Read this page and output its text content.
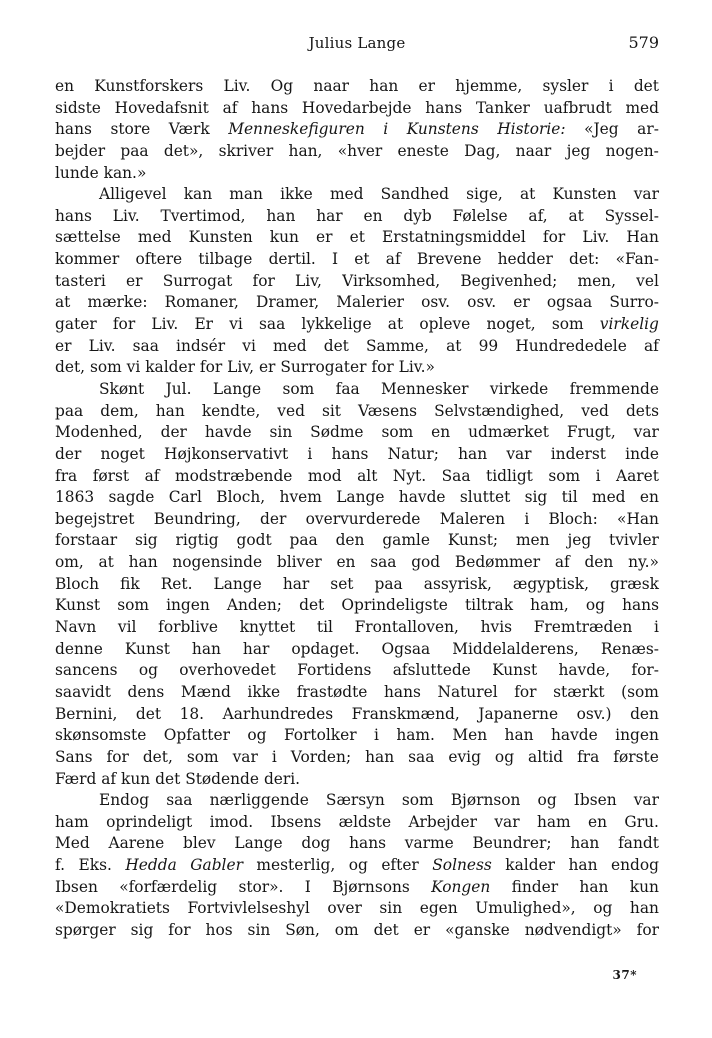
Julius Lange	579
en Kunstforskers Liv. Og naar han er hjemme, sysler i det
sidste Hovedafsnit af hans Hovedarbejde hans Tanker uafbrudt med
hans store Værk Menneskefiguren i Kunstens Historie: «Jeg ar-
bejder paa det», skriver han, «hver eneste Dag, naar jeg nogen-
lunde kan.»
Alligevel kan man ikke med Sandhed sige, at Kunsten var
hans Liv. Tvertimod, han har en dyb Følelse af, at Syssel-
sættelse med Kunsten kun er et Erstatningsmiddel for Liv. Han
kommer oftere tilbage dertil. I et af Brevene hedder det: «Fan-
tasteri er Surrogat for Liv, Virksomhed, Begivenhed; men, vel
at mærke: Romaner, Dramer, Malerier osv. osv. er ogsaa Surro-
gater for Liv. Er vi saa lykkelige at opleve noget, som virkelig
er Liv. saa indsér vi med det Samme, at 99 Hundrededele af
det, som vi kalder for Liv, er Surrogater for Liv.»
Skønt Jul. Lange som faa Mennesker virkede fremmende
paa dem, han kendte, ved sit Væsens Selvstændighed, ved dets
Modenhed, der havde sin Sødme som en udmærket Frugt, var
der noget Højkonservativt i hans Natur; han var inderst inde
fra først af modstræbende mod alt Nyt. Saa tidligt som i Aaret
1863 sagde Carl Bloch, hvem Lange havde sluttet sig til med en
begejstret Beundring, der overvurderede Maleren i Bloch: «Han
forstaar sig rigtig godt paa den gamle Kunst; men jeg tvivler
om, at han nogensinde bliver en saa god Bedømmer af den ny.»
Bloch fik Ret. Lange har set paa assyrisk, ægyptisk, græsk
Kunst som ingen Anden; det Oprindeligste tiltrak ham, og hans
Navn vil forblive knyttet til Frontalloven, hvis Fremtræden i
denne Kunst han har opdaget. Ogsaa Middelalderens, Renæs-
sancens og overhovedet Fortidens afsluttede Kunst havde, for-
saavidt dens Mænd ikke frastødte hans Naturel for stærkt (som
Bernini, det 18. Aarhundredes Franskmænd, Japanerne osv.) den
skønsomste Opfatter og Fortolker i ham. Men han havde ingen
Sans for det, som var i Vorden; han saa evig og altid fra første
Færd af kun det Stødende deri.
Endog saa nærliggende Særsyn som Bjørnson og Ibsen var
ham oprindeligt imod. Ibsens ældste Arbejder var ham en Gru.
Med Aarene blev Lange dog hans varme Beundrer; han fandt
f. Eks. Hedda Gabler mesterlig, og efter Solness kalder han endog
Ibsen «forfærdelig stor». I Bjørnsons Kongen finder han kun
«Demokratiets Fortvivlelseshyl over sin egen Umulighed», og han
spørger sig for hos sin Søn, om det er «ganske nødvendigt» for
37*
